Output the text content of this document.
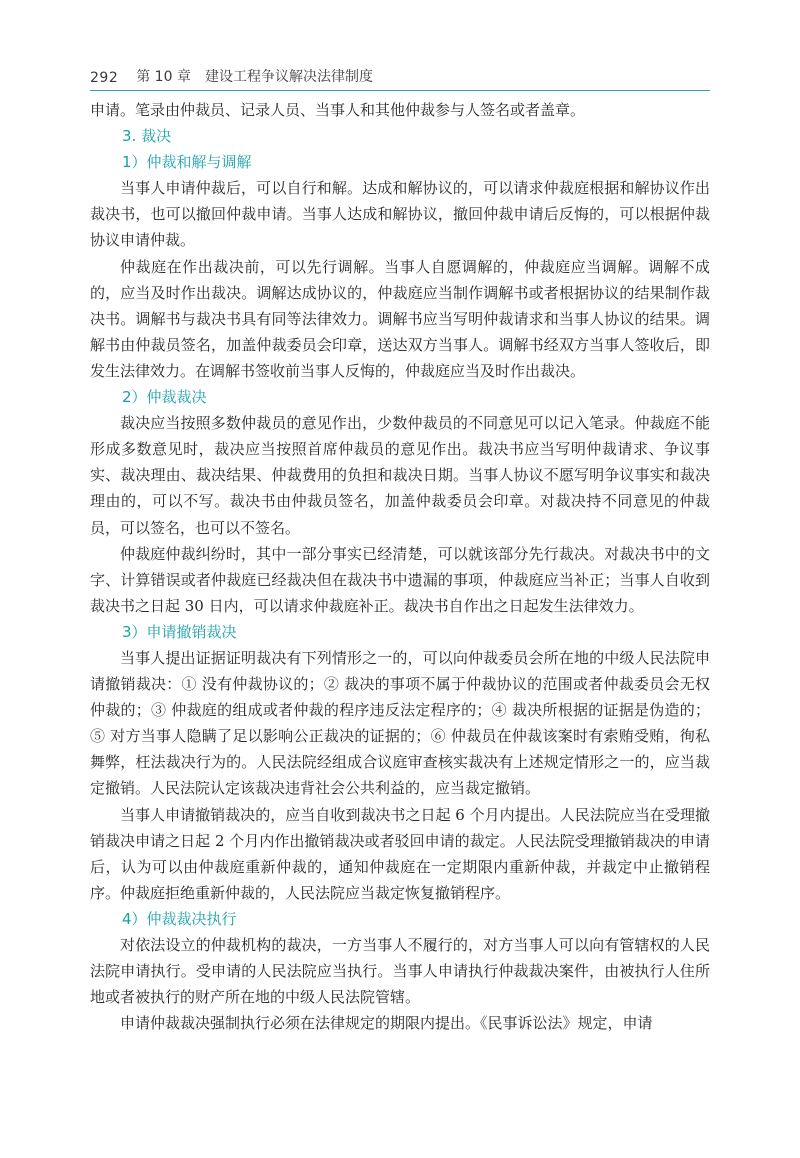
292 第 10 章 建设工程争议解决法律制度

申请。笔录由仲裁员、记录人员、当事人和其他仲裁参与人签名或者盖章。

3. 裁决

1）仲裁和解与调解

当事人申请仲裁后，可以自行和解。达成和解协议的，可以请求仲裁庭根据和解协议作出裁决书，也可以撤回仲裁申请。当事人达成和解协议，撤回仲裁申请后反悔的，可以根据仲裁协议申请仲裁。

仲裁庭在作出裁决前，可以先行调解。当事人自愿调解的，仲裁庭应当调解。调解不成的，应当及时作出裁决。调解达成协议的，仲裁庭应当制作调解书或者根据协议的结果制作裁决书。调解书与裁决书具有同等法律效力。调解书应当写明仲裁请求和当事人协议的结果。调解书由仲裁员签名，加盖仲裁委员会印章，送达双方当事人。调解书经双方当事人签收后，即发生法律效力。在调解书签收前当事人反悔的，仲裁庭应当及时作出裁决。

2）仲裁裁决

裁决应当按照多数仲裁员的意见作出，少数仲裁员的不同意见可以记入笔录。仲裁庭不能形成多数意见时，裁决应当按照首席仲裁员的意见作出。裁决书应当写明仲裁请求、争议事实、裁决理由、裁决结果、仲裁费用的负担和裁决日期。当事人协议不愿写明争议事实和裁决理由的，可以不写。裁决书由仲裁员签名，加盖仲裁委员会印章。对裁决持不同意见的仲裁员，可以签名，也可以不签名。

仲裁庭仲裁纠纷时，其中一部分事实已经清楚，可以就该部分先行裁决。对裁决书中的文字、计算错误或者仲裁庭已经裁决但在裁决书中遗漏的事项，仲裁庭应当补正；当事人自收到裁决书之日起 30 日内，可以请求仲裁庭补正。裁决书自作出之日起发生法律效力。

3）申请撤销裁决

当事人提出证据证明裁决有下列情形之一的，可以向仲裁委员会所在地的中级人民法院申请撤销裁决：① 没有仲裁协议的；② 裁决的事项不属于仲裁协议的范围或者仲裁委员会无权仲裁的；③ 仲裁庭的组成或者仲裁的程序违反法定程序的；④ 裁决所根据的证据是伪造的；⑤ 对方当事人隐瞒了足以影响公正裁决的证据的；⑥ 仲裁员在仲裁该案时有索贿受贿，徇私舞弊，枉法裁决行为的。人民法院经组成合议庭审查核实裁决有上述规定情形之一的，应当裁定撤销。人民法院认定该裁决违背社会公共利益的，应当裁定撤销。

当事人申请撤销裁决的，应当自收到裁决书之日起 6 个月内提出。人民法院应当在受理撤销裁决申请之日起 2 个月内作出撤销裁决或者驳回申请的裁定。人民法院受理撤销裁决的申请后，认为可以由仲裁庭重新仲裁的，通知仲裁庭在一定期限内重新仲裁，并裁定中止撤销程序。仲裁庭拒绝重新仲裁的，人民法院应当裁定恢复撤销程序。

4）仲裁裁决执行

对依法设立的仲裁机构的裁决，一方当事人不履行的，对方当事人可以向有管辖权的人民法院申请执行。受申请的人民法院应当执行。当事人申请执行仲裁裁决案件，由被执行人住所地或者被执行的财产所在地的中级人民法院管辖。

申请仲裁裁决强制执行必须在法律规定的期限内提出。《民事诉讼法》规定，申请
